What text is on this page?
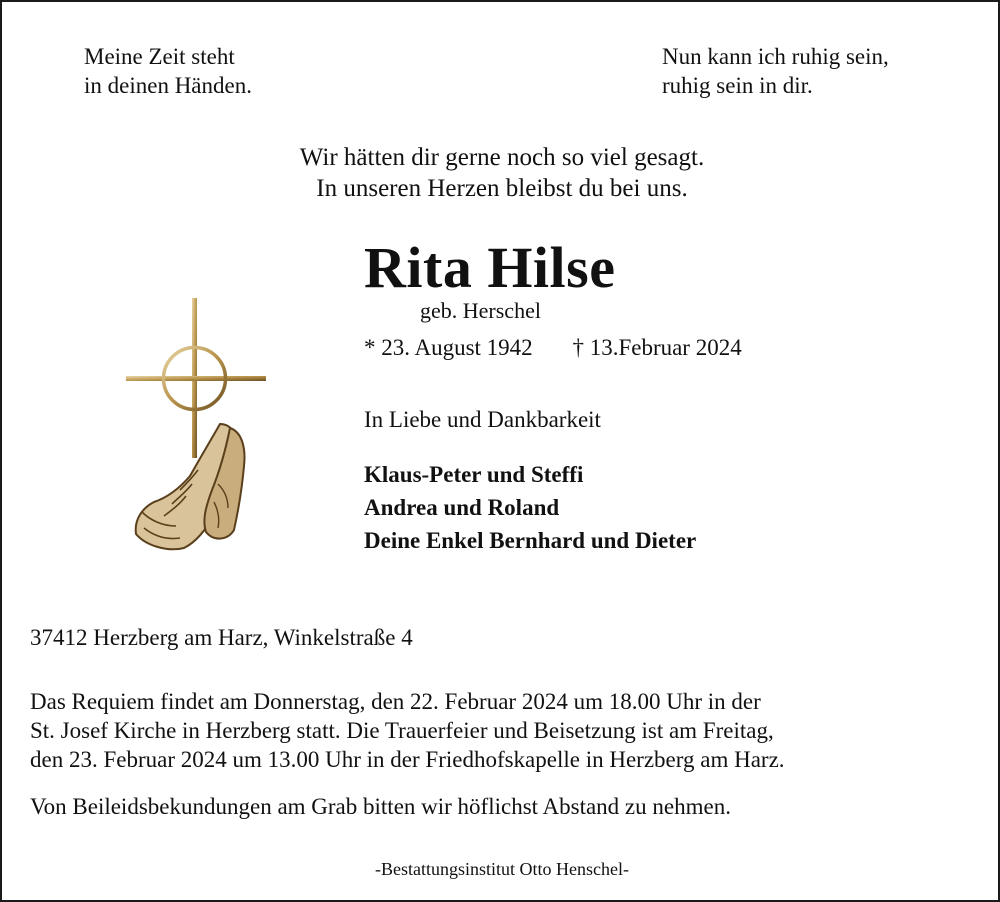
Meine Zeit steht
in deinen Händen.
Nun kann ich ruhig sein,
ruhig sein in dir.
Wir hätten dir gerne noch so viel gesagt.
In unseren Herzen bleibst du bei uns.
Rita Hilse
geb. Herschel
* 23. August 1942 † 13.Februar 2024
In Liebe und Dankbarkeit
Klaus-Peter und Steffi
Andrea und Roland
Deine Enkel Bernhard und Dieter
37412 Herzberg am Harz, Winkelstraße 4
Das Requiem findet am Donnerstag, den 22. Februar 2024 um 18.00 Uhr in der
St. Josef Kirche in Herzberg statt. Die Trauerfeier und Beisetzung ist am Freitag,
den 23. Februar 2024 um 13.00 Uhr in der Friedhofskapelle in Herzberg am Harz.
Von Beileidsbekundungen am Grab bitten wir höflichst Abstand zu nehmen.
-Bestattungsinstitut Otto Henschel-
